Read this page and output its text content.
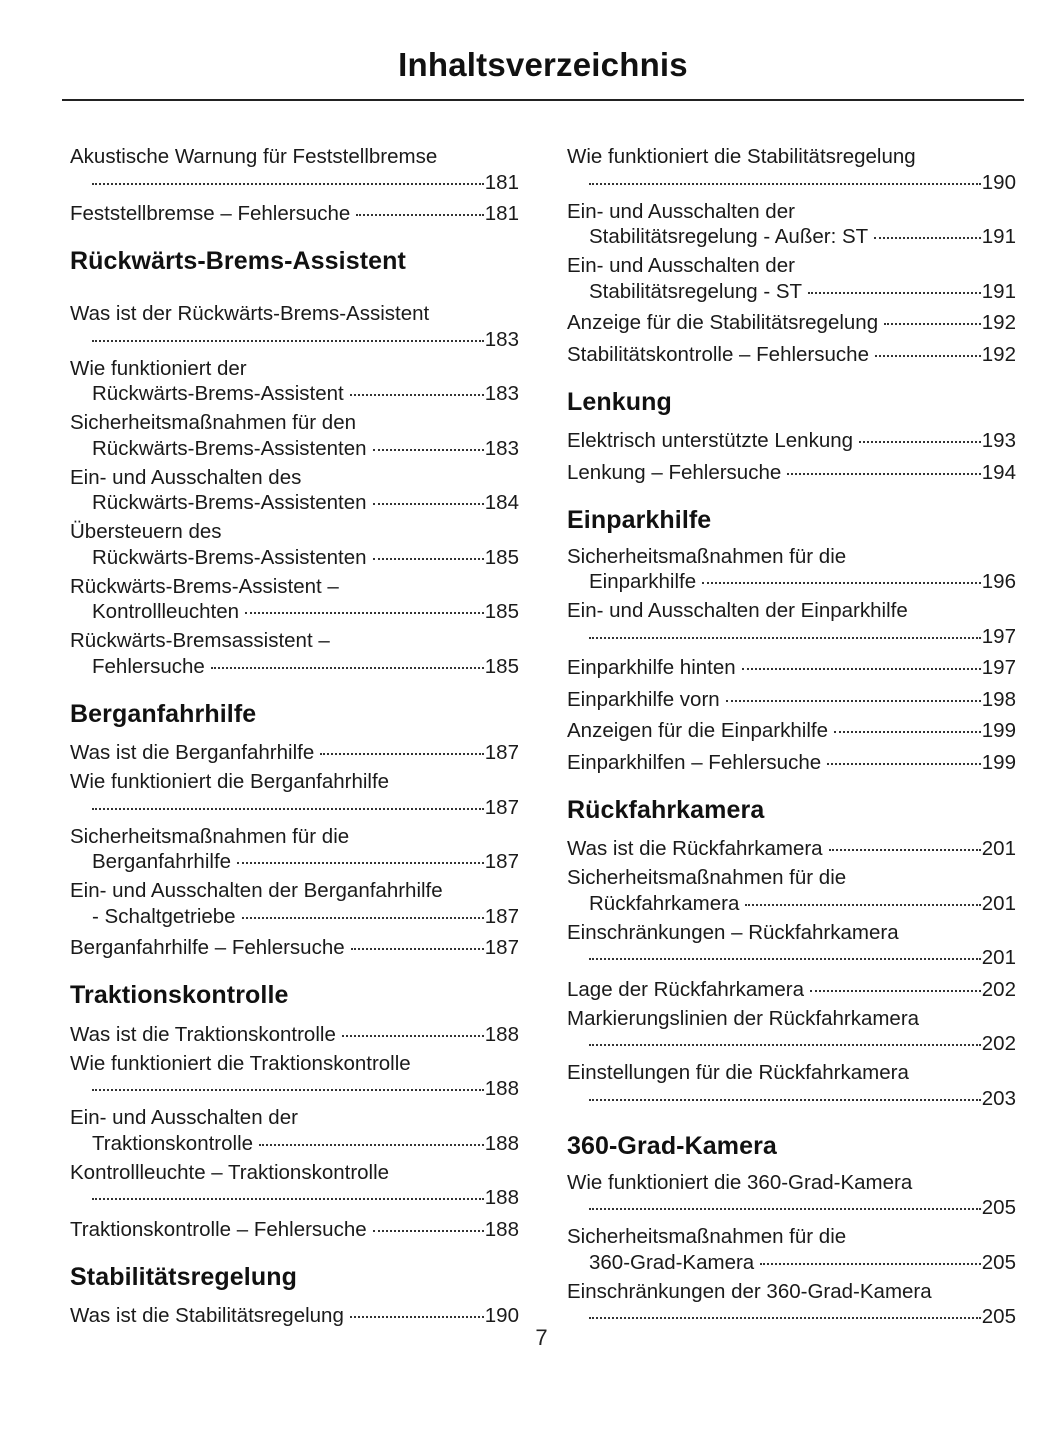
Inhaltsverzeichnis
Akustische Warnung für Feststellbremse
181
Feststellbremse – Fehlersuche	181
Rückwärts-Brems-Assistent
Was ist der Rückwärts-Brems-Assistent
183
Wie funktioniert der
Rückwärts-Brems-Assistent	183
Sicherheitsmaßnahmen für den
Rückwärts-Brems-Assistenten	183
Ein- und Ausschalten des
Rückwärts-Brems-Assistenten	184
Übersteuern des
Rückwärts-Brems-Assistenten	185
Rückwärts-Brems-Assistent –
Kontrollleuchten	185
Rückwärts-Bremsassistent –
Fehlersuche	185
Berganfahrhilfe
Was ist die Berganfahrhilfe	187
Wie funktioniert die Berganfahrhilfe
187
Sicherheitsmaßnahmen für die
Berganfahrhilfe	187
Ein- und Ausschalten der Berganfahrhilfe
- Schaltgetriebe	187
Berganfahrhilfe – Fehlersuche	187
Traktionskontrolle
Was ist die Traktionskontrolle	188
Wie funktioniert die Traktionskontrolle
188
Ein- und Ausschalten der
Traktionskontrolle	188
Kontrollleuchte – Traktionskontrolle
188
Traktionskontrolle – Fehlersuche	188
Stabilitätsregelung
Was ist die Stabilitätsregelung	190
Wie funktioniert die Stabilitätsregelung
190
Ein- und Ausschalten der
Stabilitätsregelung - Außer: ST	191
Ein- und Ausschalten der
Stabilitätsregelung - ST	191
Anzeige für die Stabilitätsregelung	192
Stabilitätskontrolle – Fehlersuche	192
Lenkung
Elektrisch unterstützte Lenkung	193
Lenkung – Fehlersuche	194
Einparkhilfe
Sicherheitsmaßnahmen für die
Einparkhilfe	196
Ein- und Ausschalten der Einparkhilfe
197
Einparkhilfe hinten	197
Einparkhilfe vorn	198
Anzeigen für die Einparkhilfe	199
Einparkhilfen – Fehlersuche	199
Rückfahrkamera
Was ist die Rückfahrkamera	201
Sicherheitsmaßnahmen für die
Rückfahrkamera	201
Einschränkungen – Rückfahrkamera
201
Lage der Rückfahrkamera	202
Markierungslinien der Rückfahrkamera
202
Einstellungen für die Rückfahrkamera
203
360-Grad-Kamera
Wie funktioniert die 360-Grad-Kamera
205
Sicherheitsmaßnahmen für die
360-Grad-Kamera	205
Einschränkungen der 360-Grad-Kamera
205
7
